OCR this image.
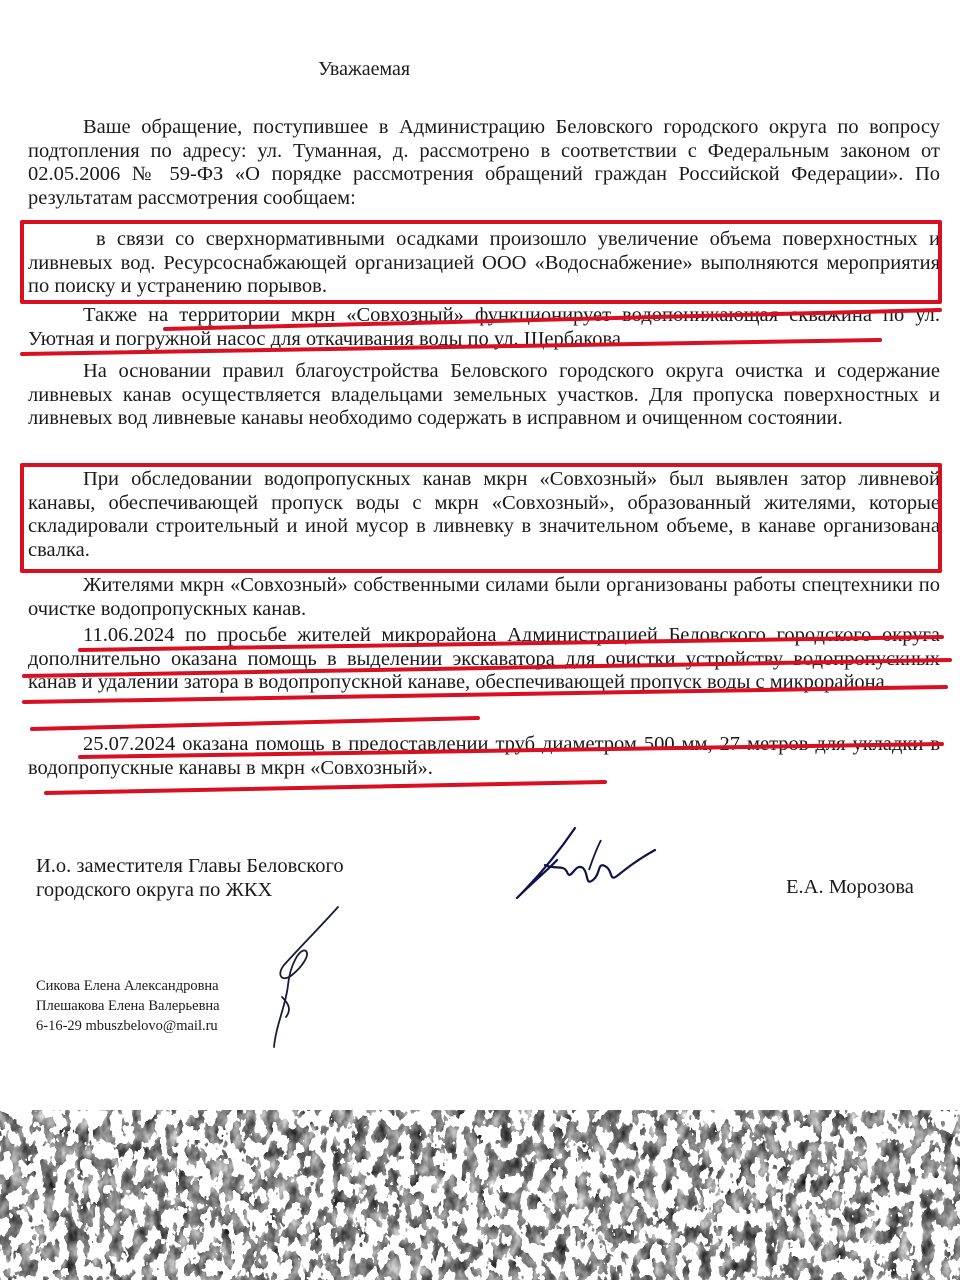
Уважаемая

Ваше обращение, поступившее в Администрацию Беловского городского округа по вопросу подтопления по адресу: ул. Туманная, д. рассмотрено в соответствии с Федеральным законом от 02.05.2006 № 59-ФЗ «О порядке рассмотрения обращений граждан Российской Федерации». По результатам рассмотрения сообщаем:

в связи со сверхнормативными осадками произошло увеличение объема поверхностных и ливневых вод. Ресурсоснабжающей организацией ООО «Водоснабжение» выполняются мероприятия по поиску и устранению порывов.

Также на территории мкрн «Совхозный» функционирует водопонижающая скважина по ул. Уютная и погружной насос для откачивания воды по ул. Щербакова.

На основании правил благоустройства Беловского городского округа очистка и содержание ливневых канав осуществляется владельцами земельных участков. Для пропуска поверхностных и ливневых вод ливневые канавы необходимо содержать в исправном и очищенном состоянии.

При обследовании водопропускных канав мкрн «Совхозный» был выявлен затор ливневой канавы, обеспечивающей пропуск воды с мкрн «Совхозный», образованный жителями, которые складировали строительный и иной мусор в ливневку в значительном объеме, в канаве организована свалка.

Жителями мкрн «Совхозный» собственными силами были организованы работы спецтехники по очистке водопропускных канав.

11.06.2024 по просьбе жителей микрорайона Администрацией Беловского городского округа дополнительно оказана помощь в выделении экскаватора для очистки устройству водопропускных канав и удалении затора в водопропускной канаве, обеспечивающей пропуск воды с микрорайона.

25.07.2024 оказана помощь в предоставлении труб диаметром 500 мм, 27 метров для укладки в водопропускные канавы в мкрн «Совхозный».

И.о. заместителя Главы Беловского
городского округа по ЖКХ	Е.А. Морозова
Сикова Елена Александровна
Плешакова Елена Валерьевна
6-16-29 mbuszbelovo@mail.ru
